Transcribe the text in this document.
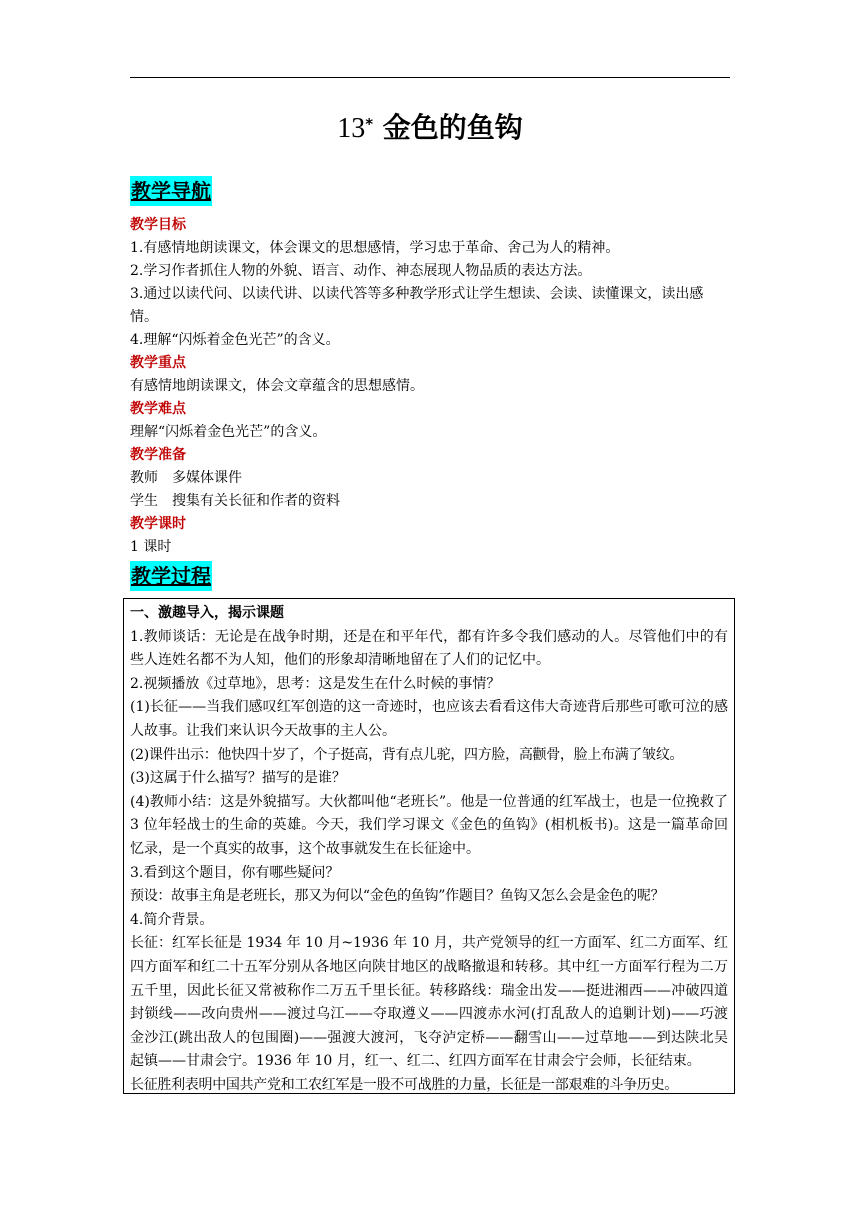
13* 金色的鱼钩
教学导航

教学目标

1.有感情地朗读课文，体会课文的思想感情，学习忠于革命、舍己为人的精神。

2.学习作者抓住人物的外貌、语言、动作、神态展现人物品质的表达方法。

3.通过以读代问、以读代讲、以读代答等多种教学形式让学生想读、会读、读懂课文，读出感情。

4.理解“闪烁着金色光芒”的含义。

教学重点

有感情地朗读课文，体会文章蕴含的思想感情。

教学难点

理解“闪烁着金色光芒”的含义。

教学准备

教师　多媒体课件

学生　搜集有关长征和作者的资料

教学课时

1 课时

教学过程

一、激趣导入，揭示课题

1.教师谈话：无论是在战争时期，还是在和平年代，都有许多令我们感动的人。尽管他们中的有些人连姓名都不为人知，他们的形象却清晰地留在了人们的记忆中。

2.视频播放《过草地》，思考：这是发生在什么时候的事情？

(1)长征——当我们感叹红军创造的这一奇迹时，也应该去看看这伟大奇迹背后那些可歌可泣的感人故事。让我们来认识今天故事的主人公。

(2)课件出示：他快四十岁了，个子挺高，背有点儿驼，四方脸，高颧骨，脸上布满了皱纹。

(3)这属于什么描写？描写的是谁？

(4)教师小结：这是外貌描写。大伙都叫他“老班长”。他是一位普通的红军战士，也是一位挽救了 3 位年轻战士的生命的英雄。今天，我们学习课文《金色的鱼钩》(相机板书)。这是一篇革命回忆录，是一个真实的故事，这个故事就发生在长征途中。

3.看到这个题目，你有哪些疑问？

预设：故事主角是老班长，那又为何以“金色的鱼钩”作题目？鱼钩又怎么会是金色的呢？

4.简介背景。

长征：红军长征是 1934 年 10 月~1936 年 10 月，共产党领导的红一方面军、红二方面军、红四方面军和红二十五军分别从各地区向陕甘地区的战略撤退和转移。其中红一方面军行程为二万五千里，因此长征又常被称作二万五千里长征。转移路线：瑞金出发——挺进湘西——冲破四道封锁线——改向贵州——渡过乌江——夺取遵义——四渡赤水河(打乱敌人的追剿计划)——巧渡金沙江(跳出敌人的包围圈)——强渡大渡河，飞夺泸定桥——翻雪山——过草地——到达陕北吴起镇——甘肃会宁。1936 年 10 月，红一、红二、红四方面军在甘肃会宁会师，长征结束。

长征胜利表明中国共产党和工农红军是一股不可战胜的力量，长征是一部艰难的斗争历史。
